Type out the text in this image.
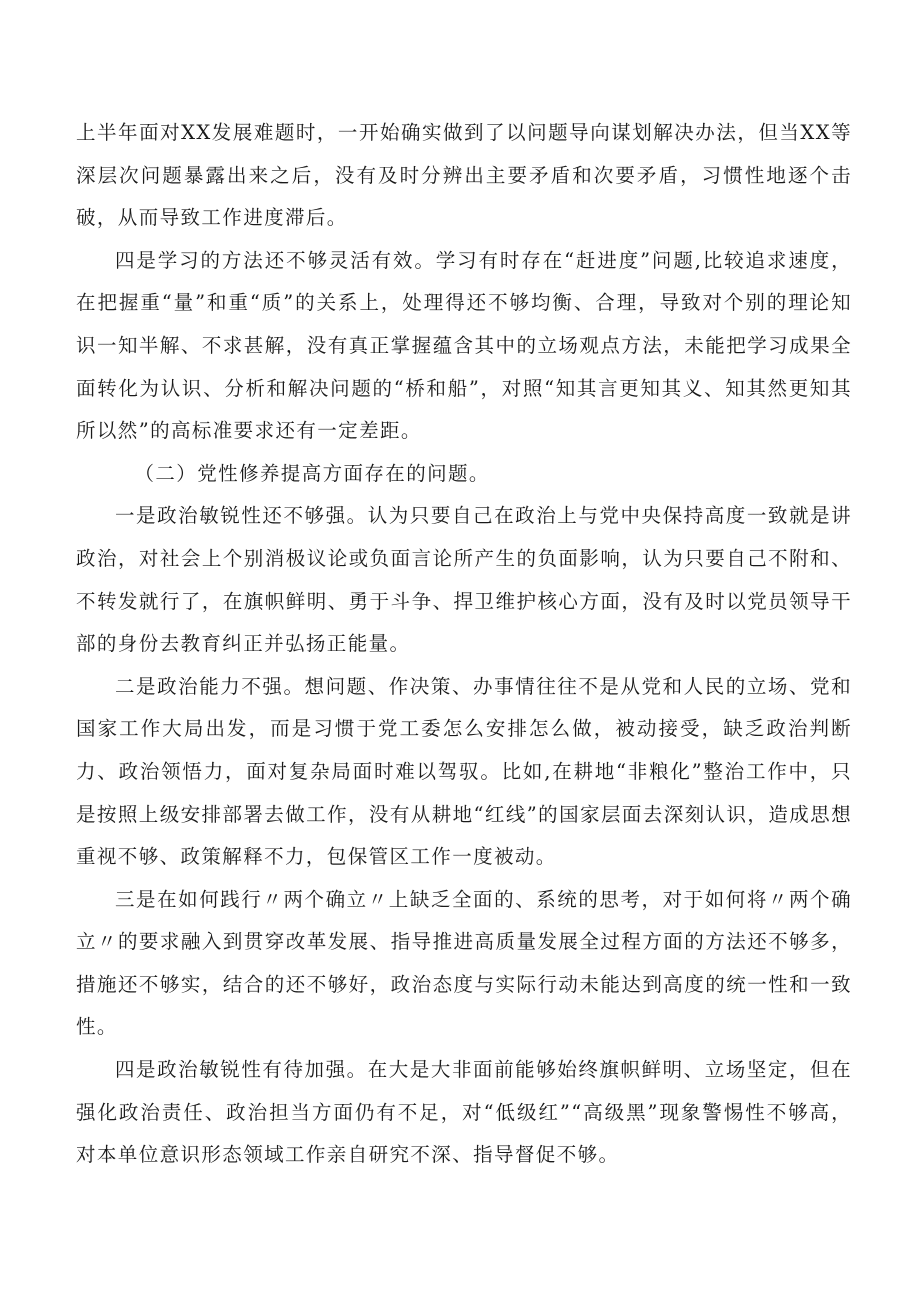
上半年面对XX发展难题时，一开始确实做到了以问题导向谋划解决办法，但当XX等深层次问题暴露出来之后，没有及时分辨出主要矛盾和次要矛盾，习惯性地逐个击破，从而导致工作进度滞后。

四是学习的方法还不够灵活有效。学习有时存在“赶进度”问题,比较追求速度，在把握重“量”和重“质”的关系上，处理得还不够均衡、合理，导致对个别的理论知识一知半解、不求甚解，没有真正掌握蕴含其中的立场观点方法，未能把学习成果全面转化为认识、分析和解决问题的“桥和船”，对照“知其言更知其义、知其然更知其所以然”的高标准要求还有一定差距。

（二）党性修养提高方面存在的问题。

一是政治敏锐性还不够强。认为只要自己在政治上与党中央保持高度一致就是讲政治，对社会上个别消极议论或负面言论所产生的负面影响，认为只要自己不附和、不转发就行了，在旗帜鲜明、勇于斗争、捍卫维护核心方面，没有及时以党员领导干部的身份去教育纠正并弘扬正能量。

二是政治能力不强。想问题、作决策、办事情往往不是从党和人民的立场、党和国家工作大局出发，而是习惯于党工委怎么安排怎么做，被动接受，缺乏政治判断力、政治领悟力，面对复杂局面时难以驾驭。比如,在耕地“非粮化”整治工作中，只是按照上级安排部署去做工作，没有从耕地“红线”的国家层面去深刻认识，造成思想重视不够、政策解释不力，包保管区工作一度被动。

三是在如何践行〃两个确立〃上缺乏全面的、系统的思考，对于如何将〃两个确立〃的要求融入到贯穿改革发展、指导推进高质量发展全过程方面的方法还不够多，措施还不够实，结合的还不够好，政治态度与实际行动未能达到高度的统一性和一致性。

四是政治敏锐性有待加强。在大是大非面前能够始终旗帜鲜明、立场坚定，但在强化政治责任、政治担当方面仍有不足，对“低级红”“高级黑”现象警惕性不够高，对本单位意识形态领域工作亲自研究不深、指导督促不够。
